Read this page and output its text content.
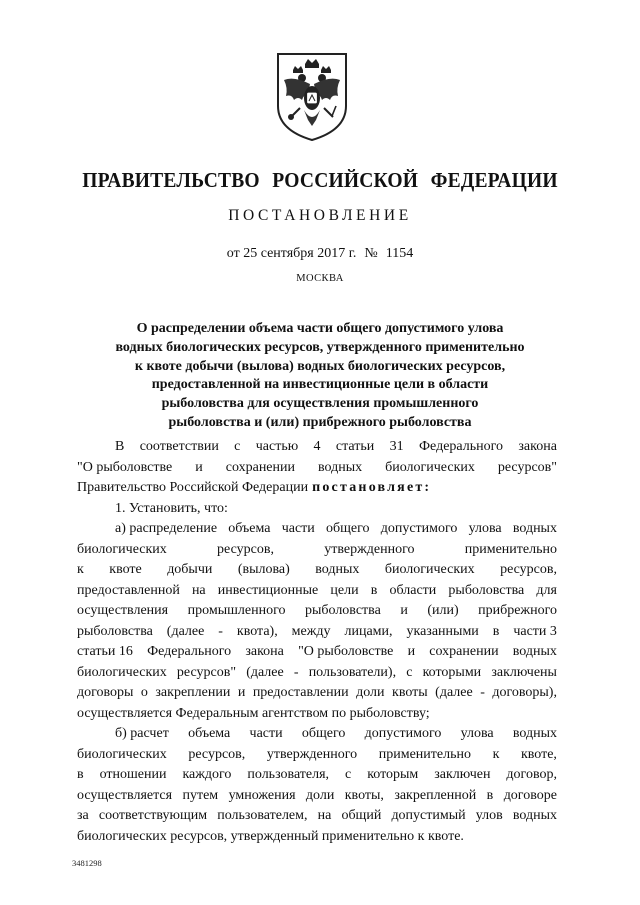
ПРАВИТЕЛЬСТВО РОССИЙСКОЙ ФЕДЕРАЦИИ
ПОСТАНОВЛЕНИЕ
от 25 сентября 2017 г. № 1154
МОСКВА
О распределении объема части общего допустимого улова
водных биологических ресурсов, утвержденного применительно
к квоте добычи (вылова) водных биологических ресурсов,
предоставленной на инвестиционные цели в области
рыболовства для осуществления промышленного
рыболовства и (или) прибрежного рыболовства
В соответствии с частью 4 статьи 31 Федерального закона
"О рыболовстве и сохранении водных биологических ресурсов"
Правительство Российской Федерации постановляет:
1. Установить, что:
а) распределение объема части общего допустимого улова водных
биологических	ресурсов,	утвержденного	применительно
к квоте добычи (вылова) водных биологических ресурсов,
предоставленной на инвестиционные цели в области рыболовства для
осуществления промышленного рыболовства и (или) прибрежного
рыболовства (далее - квота), между лицами, указанными в части 3
статьи 16 Федерального закона "О рыболовстве и сохранении водных
биологических ресурсов" (далее - пользователи), с которыми заключены
договоры о закреплении и предоставлении доли квоты (далее - договоры),
осуществляется Федеральным агентством по рыболовству;
б) расчет объема части общего допустимого улова водных
биологических ресурсов, утвержденного применительно к квоте,
в отношении каждого пользователя, с которым заключен договор,
осуществляется путем умножения доли квоты, закрепленной в договоре
за соответствующим пользователем, на общий допустимый улов водных
биологических ресурсов, утвержденный применительно к квоте.
3481298
